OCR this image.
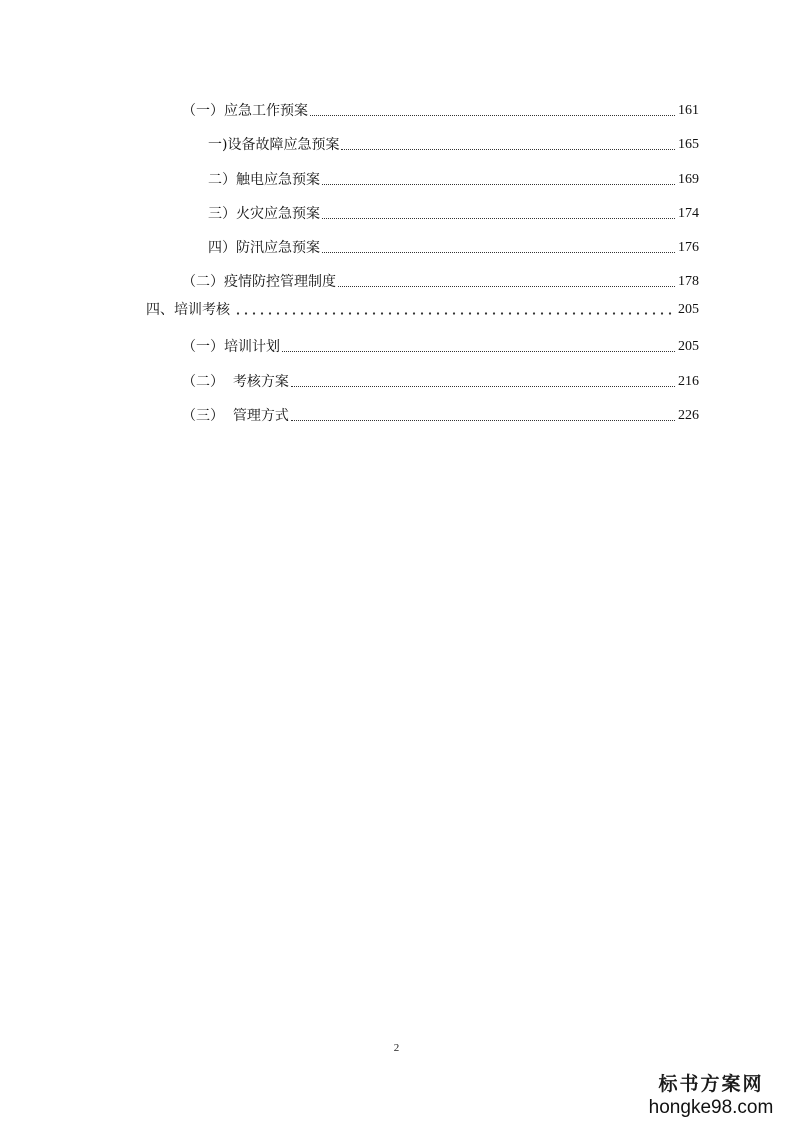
（一）应急工作预案	161
一)设备故障应急预案	165
二）触电应急预案	169
三）火灾应急预案	174
四）防汛应急预案	176
（二）疫情防控管理制度	178
四、培训考核	205
（一）培训计划	205
（二）  考核方案	216
（三）  管理方式	226
2
标书方案网
hongke98.com
